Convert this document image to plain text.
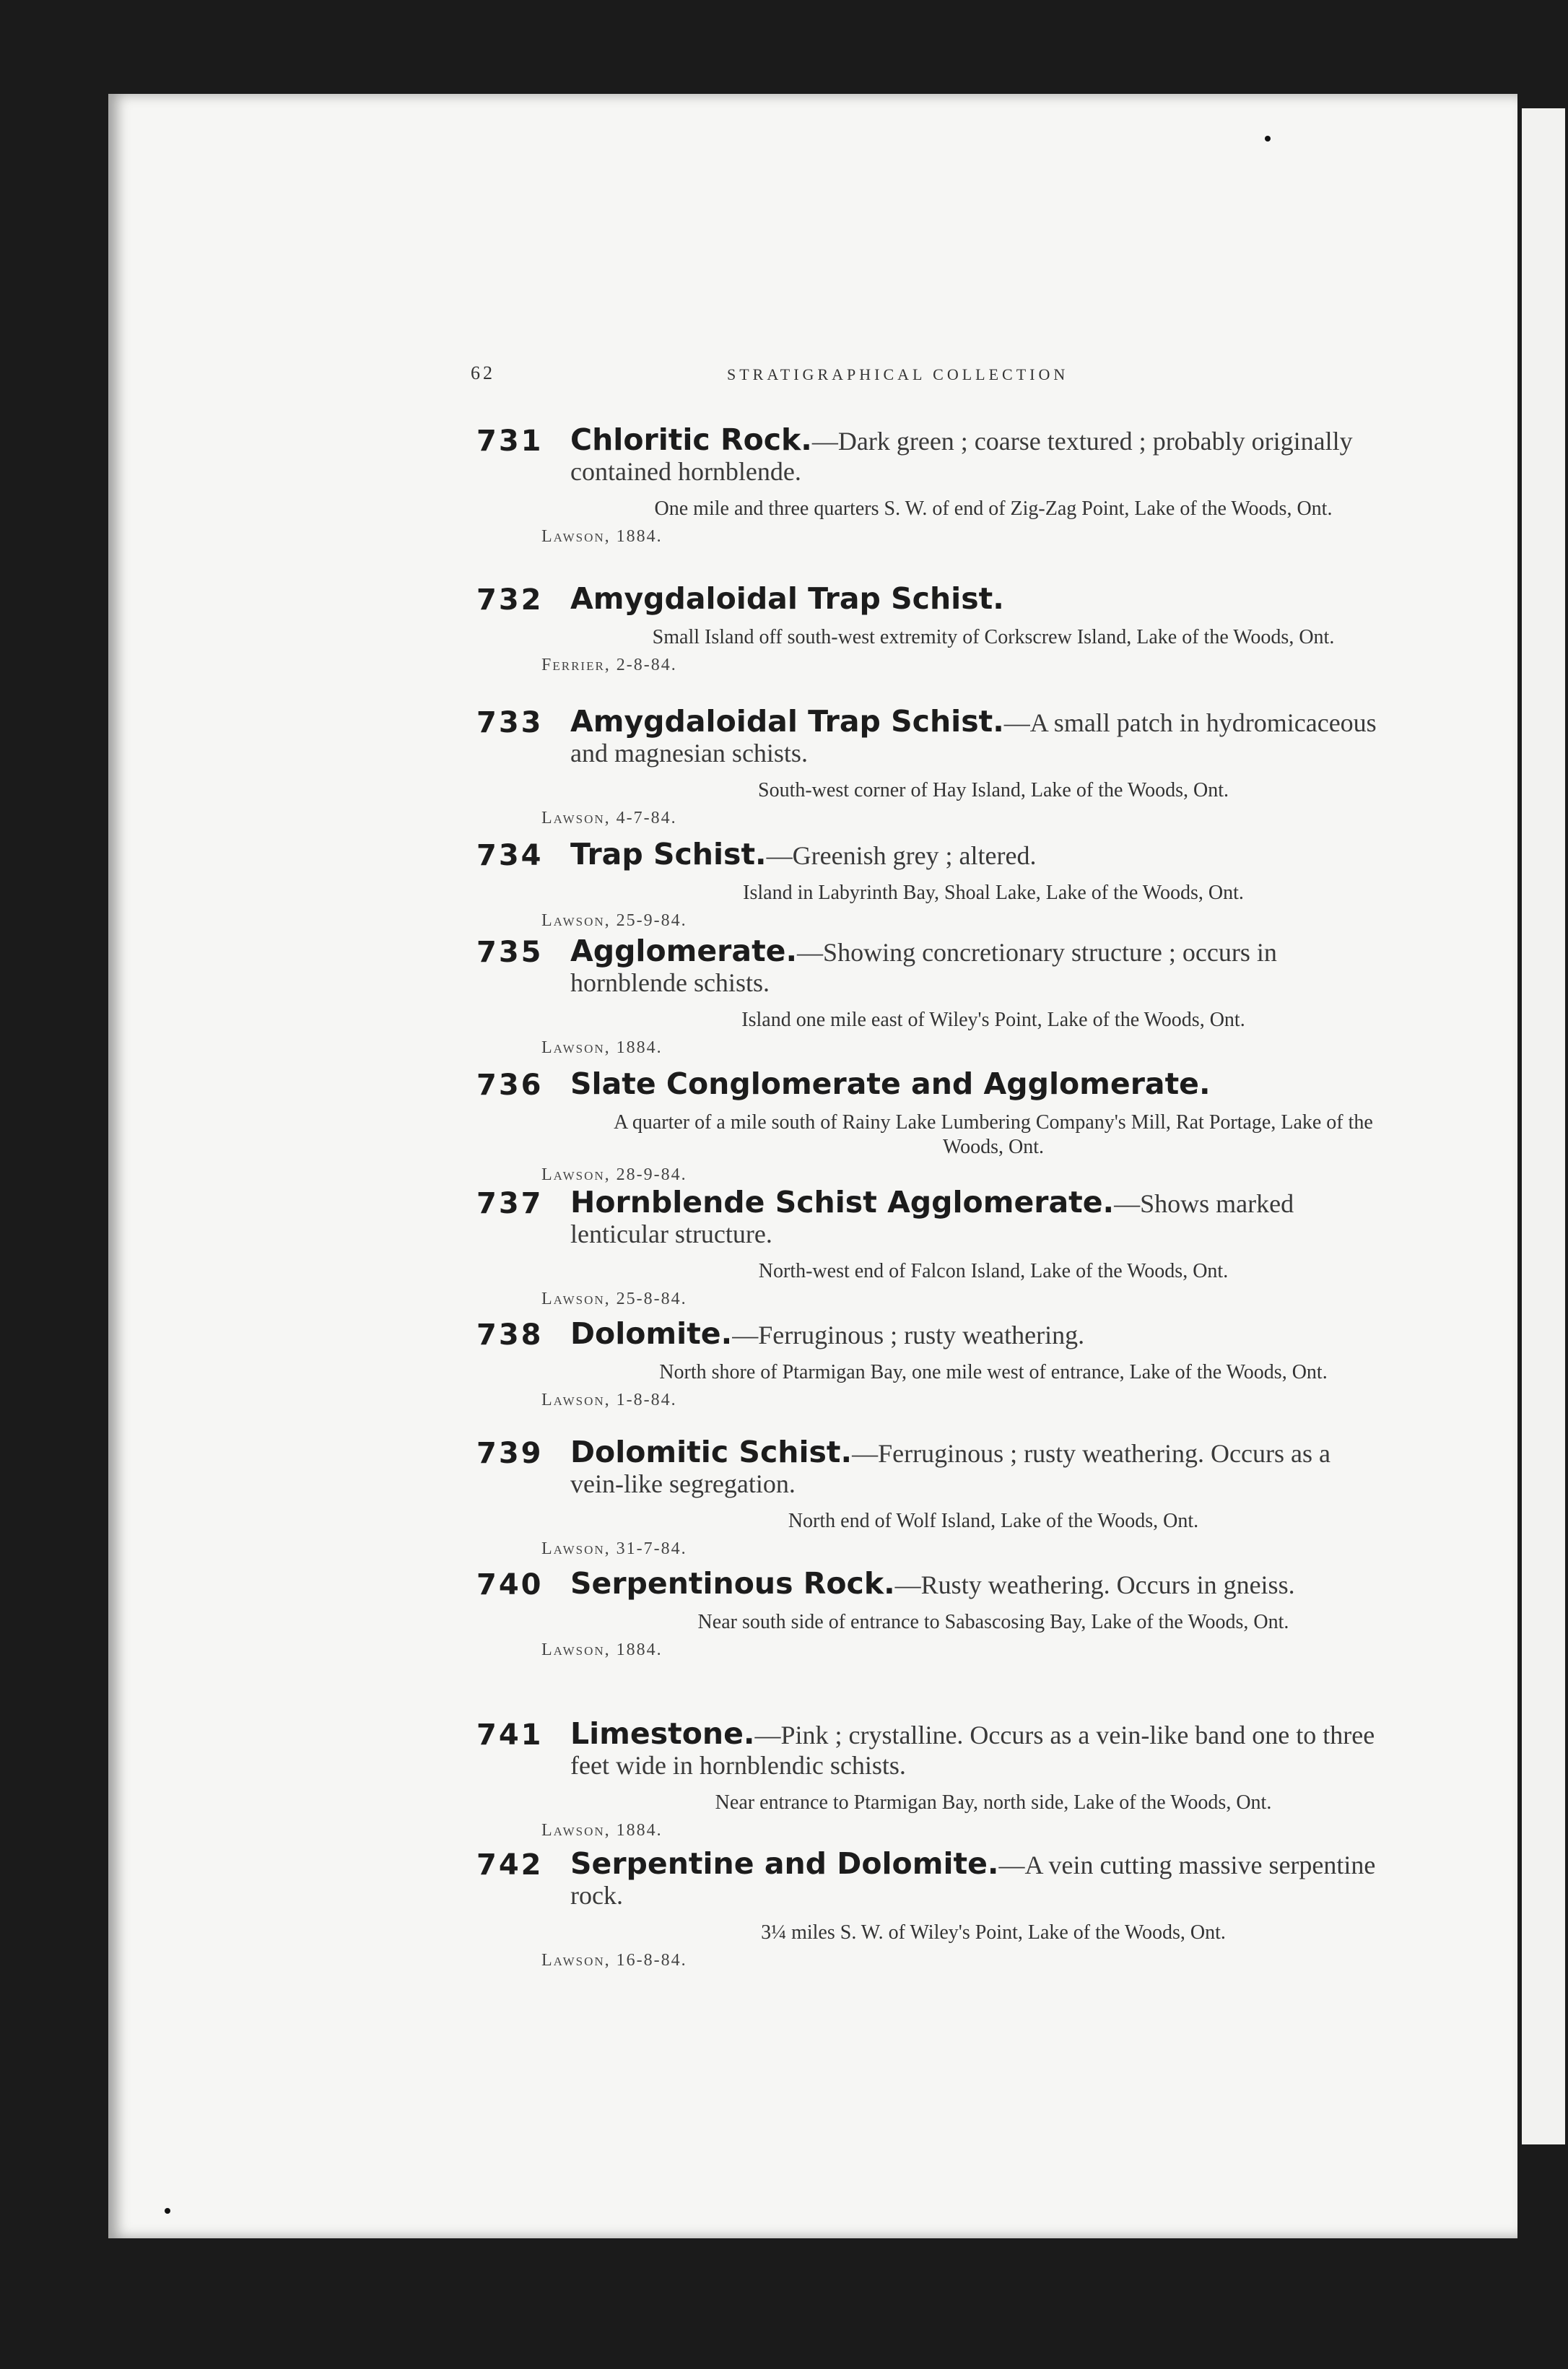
62	STRATIGRAPHICAL COLLECTION
731 Chloritic Rock.—Dark green ; coarse textured ; probably originally contained hornblende.
One mile and three quarters S. W. of end of Zig-Zag Point, Lake of the Woods, Ont.
Lawson, 1884.
732 Amygdaloidal Trap Schist.
Small Island off south-west extremity of Corkscrew Island, Lake of the Woods, Ont.
Ferrier, 2-8-84.
733 Amygdaloidal Trap Schist.—A small patch in hydromicaceous and magnesian schists.
South-west corner of Hay Island, Lake of the Woods, Ont.
Lawson, 4-7-84.
734 Trap Schist.—Greenish grey ; altered.
Island in Labyrinth Bay, Shoal Lake, Lake of the Woods, Ont.
Lawson, 25-9-84.
735 Agglomerate.—Showing concretionary structure ; occurs in hornblende schists.
Island one mile east of Wiley's Point, Lake of the Woods, Ont.
Lawson, 1884.
736 Slate Conglomerate and Agglomerate.
A quarter of a mile south of Rainy Lake Lumbering Company's Mill, Rat Portage, Lake of the Woods, Ont.
Lawson, 28-9-84.
737 Hornblende Schist Agglomerate.—Shows marked lenticular structure.
North-west end of Falcon Island, Lake of the Woods, Ont.
Lawson, 25-8-84.
738 Dolomite.—Ferruginous ; rusty weathering.
North shore of Ptarmigan Bay, one mile west of entrance, Lake of the Woods, Ont.
Lawson, 1-8-84.
739 Dolomitic Schist.—Ferruginous ; rusty weathering. Occurs as a vein-like segregation.
North end of Wolf Island, Lake of the Woods, Ont.
Lawson, 31-7-84.
740 Serpentinous Rock.—Rusty weathering. Occurs in gneiss.
Near south side of entrance to Sabascosing Bay, Lake of the Woods, Ont.
Lawson, 1884.
741 Limestone.—Pink ; crystalline. Occurs as a vein-like band one to three feet wide in hornblendic schists.
Near entrance to Ptarmigan Bay, north side, Lake of the Woods, Ont.
Lawson, 1884.
742 Serpentine and Dolomite.—A vein cutting massive serpentine rock.
3¼ miles S. W. of Wiley's Point, Lake of the Woods, Ont.
Lawson, 16-8-84.
